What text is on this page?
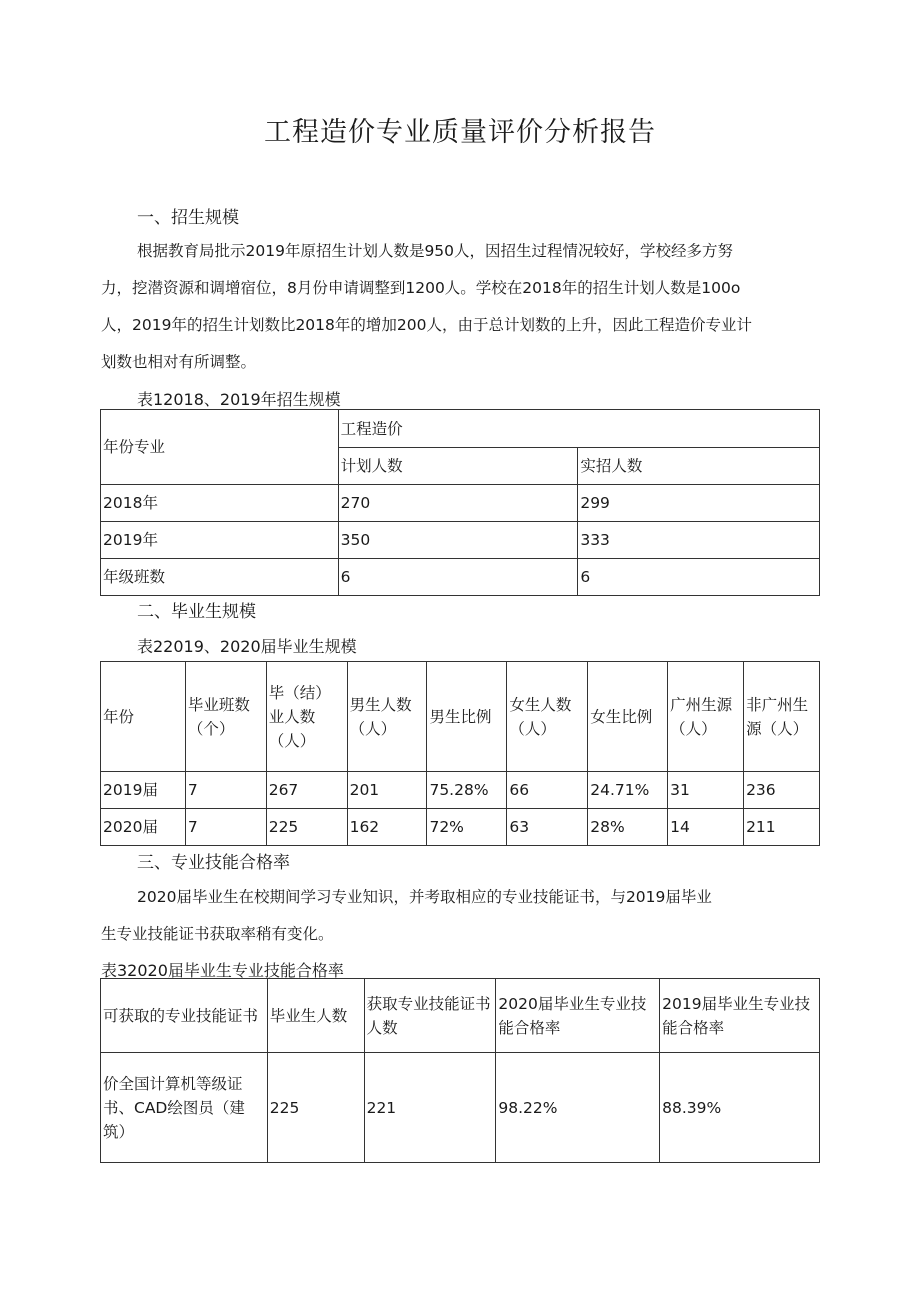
工程造价专业质量评价分析报告
一、招生规模
根据教育局批示2019年原招生计划人数是950人，因招生过程情况较好，学校经多方努
力，挖潜资源和调增宿位，8月份申请调整到1200人。学校在2018年的招生计划人数是100o
人，2019年的招生计划数比2018年的增加200人，由于总计划数的上升，因此工程造价专业计
划数也相对有所调整。
表12018、2019年招生规模
年份专业	工程造价	
	计划人数	实招人数
2018年	270	299
2019年	350	333
年级班数	6	6
二、毕业生规模
表22019、2020届毕业生规模
年份	毕业班数（个）	毕（结）业人数（人）	男生人数（人）	男生比例	女生人数（人）	女生比例	广州生源（人）	非广州生源（人）
2019届	7	267	201	75.28%	66	24.71%	31	236
2020届	7	225	162	72%	63	28%	14	211
三、专业技能合格率
2020届毕业生在校期间学习专业知识，并考取相应的专业技能证书，与2019届毕业
生专业技能证书获取率稍有变化。
表32020届毕业生专业技能合格率
可获取的专业技能证书	毕业生人数	获取专业技能证书人数	2020届毕业生专业技能合格率	2019届毕业生专业技能合格率
价全国计算机等级证书、CAD绘图员（建筑）	225	221	98.22%	88.39%
